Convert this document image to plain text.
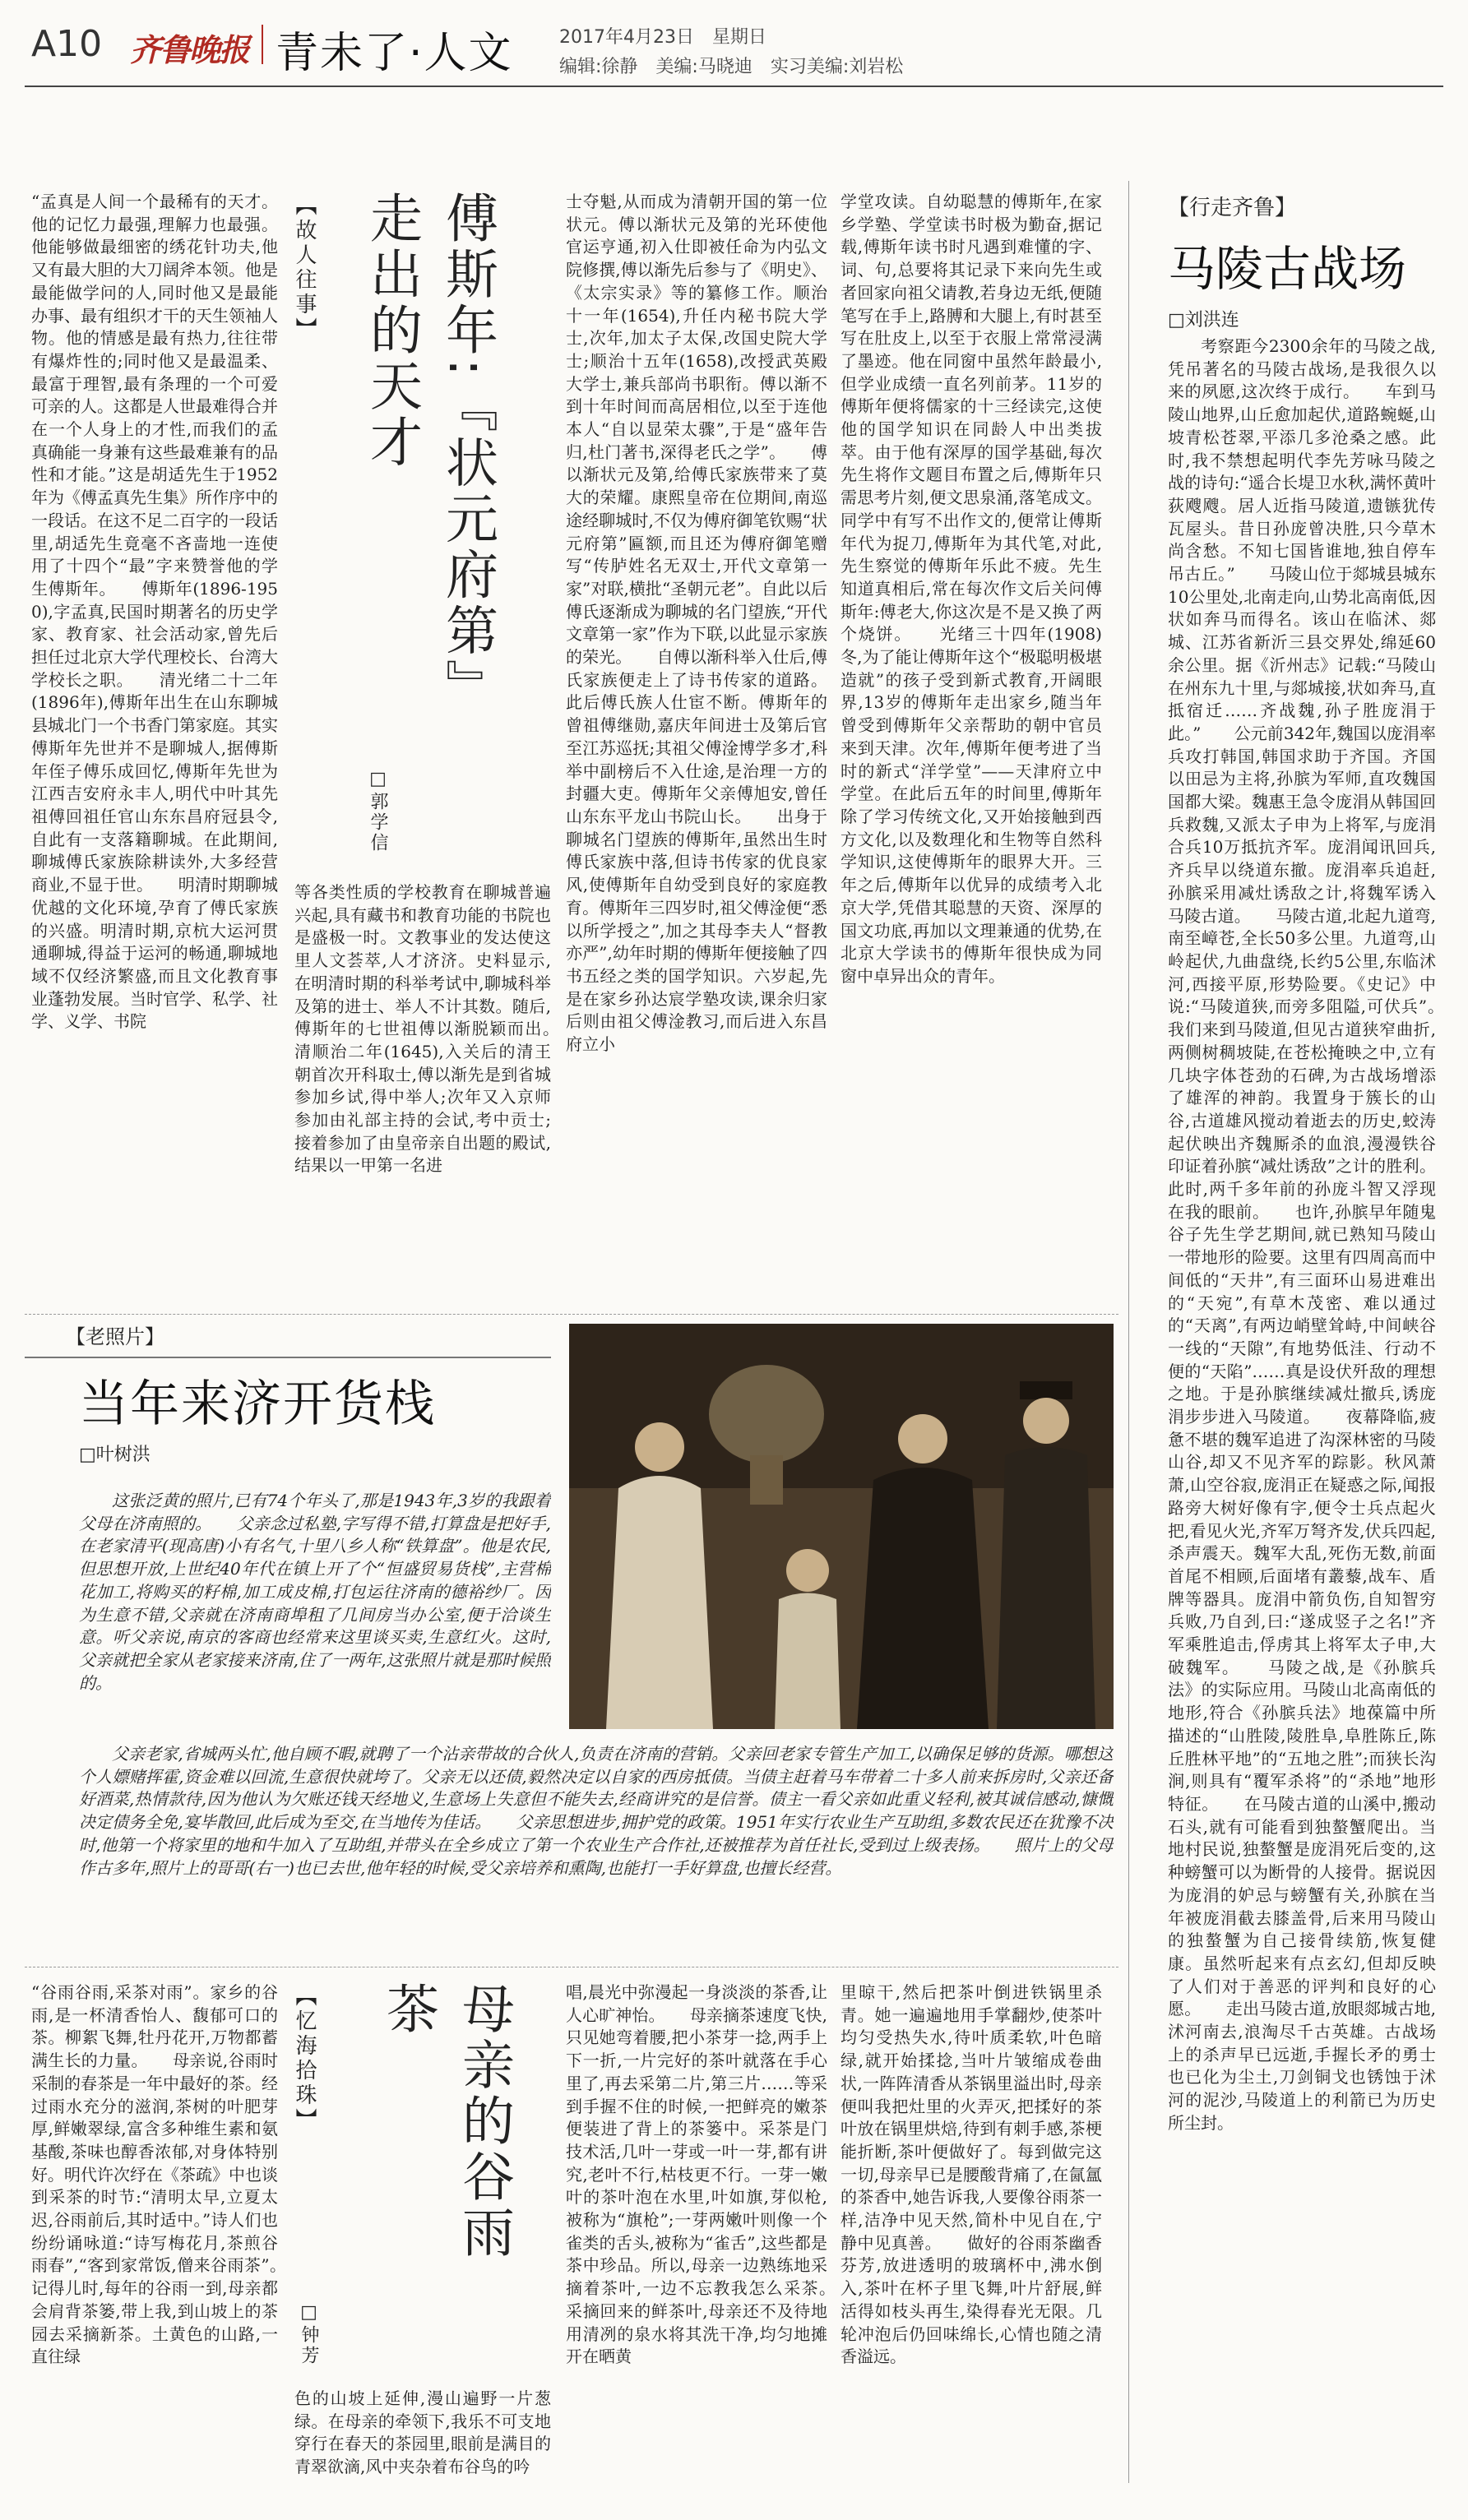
A10 齐鲁晚报 青未了·人文	2017年4月23日　星期日
编辑:徐静　美编:马晓迪　实习美编:刘岩松
“孟真是人间一个最稀有的天才。他的记忆力最强,理解力也最强。他能够做最细密的绣花针功夫,他又有最大胆的大刀阔斧本领。他是最能做学问的人,同时他又是最能办事、最有组织才干的天生领袖人物。他的情感是最有热力,往往带有爆炸性的;同时他又是最温柔、最富于理智,最有条理的一个可爱可亲的人。这都是人世最难得合并在一个人身上的才性,而我们的孟真确能一身兼有这些最难兼有的品性和才能。”这是胡适先生于1952年为《傅孟真先生集》所作序中的一段话。在这不足二百字的一段话里,胡适先生竟毫不吝啬地一连使用了十四个“最”字来赞誉他的学生傅斯年。　　傅斯年(1896-1950),字孟真,民国时期著名的历史学家、教育家、社会活动家,曾先后担任过北京大学代理校长、台湾大学校长之职。　　清光绪二十二年(1896年),傅斯年出生在山东聊城县城北门一个书香门第家庭。其实傅斯年先世并不是聊城人,据傅斯年侄子傅乐成回忆,傅斯年先世为江西吉安府永丰人,明代中叶其先祖傅回祖任官山东东昌府冠县令,自此有一支落籍聊城。在此期间,聊城傅氏家族除耕读外,大多经营商业,不显于世。　　明清时期聊城优越的文化环境,孕育了傅氏家族的兴盛。明清时期,京杭大运河贯通聊城,得益于运河的畅通,聊城地域不仅经济繁盛,而且文化教育事业蓬勃发展。当时官学、私学、社学、义学、书院
【故人往事】	傅斯年:『状元府第』走出的天才
□郭学信
等各类性质的学校教育在聊城普遍兴起,具有藏书和教育功能的书院也是盛极一时。文教事业的发达使这里人文荟萃,人才济济。史料显示,在明清时期的科举考试中,聊城科举及第的进士、举人不计其数。随后,傅斯年的七世祖傅以渐脱颖而出。　　清顺治二年(1645),入关后的清王朝首次开科取士,傅以渐先是到省城参加乡试,得中举人;次年又入京师参加由礼部主持的会试,考中贡士;接着参加了由皇帝亲自出题的殿试,结果以一甲第一名进
士夺魁,从而成为清朝开国的第一位状元。傅以渐状元及第的光环使他官运亨通,初入仕即被任命为内弘文院修撰,傅以渐先后参与了《明史》、《太宗实录》等的纂修工作。顺治十一年(1654),升任内秘书院大学士,次年,加太子太保,改国史院大学士;顺治十五年(1658),改授武英殿大学士,兼兵部尚书职衔。傅以渐不到十年时间而高居相位,以至于连他本人“自以显荣太骤”,于是“盛年告归,杜门著书,深得老氏之学”。　　傅以渐状元及第,给傅氏家族带来了莫大的荣耀。康熙皇帝在位期间,南巡途经聊城时,不仅为傅府御笔钦赐“状元府第”匾额,而且还为傅府御笔赠写“传胪姓名无双士,开代文章第一家”对联,横批“圣朝元老”。自此以后傅氏逐渐成为聊城的名门望族,“开代文章第一家”作为下联,以此显示家族的荣光。　　自傅以渐科举入仕后,傅氏家族便走上了诗书传家的道路。此后傅氏族人仕宦不断。傅斯年的曾祖傅继勋,嘉庆年间进士及第后官至江苏巡抚;其祖父傅淦博学多才,科举中副榜后不入仕途,是治理一方的封疆大吏。傅斯年父亲傅旭安,曾任山东东平龙山书院山长。　　出身于聊城名门望族的傅斯年,虽然出生时傅氏家族中落,但诗书传家的优良家风,使傅斯年自幼受到良好的家庭教育。傅斯年三四岁时,祖父傅淦便“悉以所学授之”,加之其母李夫人“督教亦严”,幼年时期的傅斯年便接触了四书五经之类的国学知识。六岁起,先是在家乡孙达宸学塾攻读,课余归家后则由祖父傅淦教习,而后进入东昌府立小
学堂攻读。自幼聪慧的傅斯年,在家乡学塾、学堂读书时极为勤奋,据记载,傅斯年读书时凡遇到难懂的字、词、句,总要将其记录下来向先生或者回家向祖父请教,若身边无纸,便随笔写在手上,路膊和大腿上,有时甚至写在肚皮上,以至于衣服上常常浸满了墨迹。他在同窗中虽然年龄最小,但学业成绩一直名列前茅。11岁的傅斯年便将儒家的十三经读完,这使他的国学知识在同龄人中出类拔萃。由于他有深厚的国学基础,每次先生将作文题目布置之后,傅斯年只需思考片刻,便文思泉涌,落笔成文。同学中有写不出作文的,便常让傅斯年代为捉刀,傅斯年为其代笔,对此,先生察觉的傅斯年乐此不疲。先生知道真相后,常在每次作文后关问傅斯年:傅老大,你这次是不是又换了两个烧饼。　　光绪三十四年(1908)冬,为了能让傅斯年这个“极聪明极堪造就”的孩子受到新式教育,开阔眼界,13岁的傅斯年走出家乡,随当年曾受到傅斯年父亲帮助的朝中官员来到天津。次年,傅斯年便考进了当时的新式“洋学堂”——天津府立中学堂。在此后五年的时间里,傅斯年除了学习传统文化,又开始接触到西方文化,以及数理化和生物等自然科学知识,这使傅斯年的眼界大开。三年之后,傅斯年以优异的成绩考入北京大学,凭借其聪慧的天资、深厚的国文功底,再加以文理兼通的优势,在北京大学读书的傅斯年很快成为同窗中卓异出众的青年。
【行走齐鲁】
马陵古战场
□刘洪连
考察距今2300余年的马陵之战,凭吊著名的马陵古战场,是我很久以来的夙愿,这次终于成行。　　车到马陵山地界,山丘愈加起伏,道路蜿蜒,山坡青松苍翠,平添几多沧桑之感。此时,我不禁想起明代李先芳咏马陵之战的诗句:“遥合长堤卫水秋,满怀黄叶荻飕飕。居人近指马陵道,遗镞犹传瓦屋头。昔日孙庞曾决胜,只今草木尚含愁。不知七国皆谁地,独自停车吊古丘。”　　马陵山位于郯城县城东10公里处,北南走向,山势北高南低,因状如奔马而得名。该山在临沭、郯城、江苏省新沂三县交界处,绵延60余公里。据《沂州志》记载:“马陵山在州东九十里,与郯城接,状如奔马,直抵宿迁……齐战魏,孙子胜庞涓于此。”　　公元前342年,魏国以庞涓率兵攻打韩国,韩国求助于齐国。齐国以田忌为主将,孙膑为军师,直攻魏国国都大梁。魏惠王急令庞涓从韩国回兵救魏,又派太子申为上将军,与庞涓合兵10万抵抗齐军。庞涓闻讯回兵,齐兵早以绕道东撤。庞涓率兵追赶,孙膑采用减灶诱敌之计,将魏军诱入马陵古道。　　马陵古道,北起九道弯,南至嶂苍,全长50多公里。九道弯,山岭起伏,九曲盘绕,长约5公里,东临沭河,西接平原,形势险要。《史记》中说:“马陵道狭,而旁多阻隘,可伏兵”。　　我们来到马陵道,但见古道狭窄曲折,两侧树稠坡陡,在苍松掩映之中,立有几块字体苍劲的石碑,为古战场增添了雄浑的神韵。我置身于簇长的山谷,古道雄风搅动着逝去的历史,蛟涛起伏映出齐魏厮杀的血浪,漫漫铁谷印证着孙膑“减灶诱敌”之计的胜利。此时,两千多年前的孙庞斗智又浮现在我的眼前。　　也许,孙膑早年随鬼谷子先生学艺期间,就已熟知马陵山一带地形的险要。这里有四周高而中间低的“天井”,有三面环山易进难出的“天宛”,有草木茂密、难以通过的“天离”,有两边峭壁耸峙,中间峡谷一线的“天隙”,有地势低洼、行动不便的“天陷”……真是设伏歼敌的理想之地。于是孙膑继续减灶撤兵,诱庞涓步步进入马陵道。　　夜幕降临,疲惫不堪的魏军追进了沟深林密的马陵山谷,却又不见齐军的踪影。秋风萧萧,山空谷寂,庞涓正在疑惑之际,闻报路旁大树好像有字,便令士兵点起火把,看见火光,齐军万弩齐发,伏兵四起,杀声震天。魏军大乱,死伤无数,前面首尾不相顾,后面堵有叢藜,战车、盾牌等器具。庞涓中箭负伤,自知智穷兵败,乃自刭,曰:“遂成竖子之名!”齐军乘胜追击,俘虏其上将军太子申,大破魏军。　　马陵之战,是《孙膑兵法》的实际应用。马陵山北高南低的地形,符合《孙膑兵法》地葆篇中所描述的“山胜陵,陵胜阜,阜胜陈丘,陈丘胜林平地”的“五地之胜”;而狭长沟涧,则具有“覆军杀将”的“杀地”地形特征。　　在马陵古道的山溪中,搬动石头,就有可能看到独螯蟹爬出。当地村民说,独螯蟹是庞涓死后变的,这种螃蟹可以为断骨的人接骨。据说因为庞涓的妒忌与螃蟹有关,孙膑在当年被庞涓截去膝盖骨,后来用马陵山的独螯蟹为自己接骨续筋,恢复健康。虽然听起来有点玄幻,但却反映了人们对于善恶的评判和良好的心愿。　　走出马陵古道,放眼郯城古地,沭河南去,浪淘尽千古英雄。古战场上的杀声早已远逝,手握长矛的勇士也已化为尘土,刀剑铜戈也锈蚀于沭河的泥沙,马陵道上的利箭已为历史所尘封。
【老照片】
当年来济开货栈
□叶树洪
这张泛黄的照片,已有74个年头了,那是1943年,3岁的我跟着父母在济南照的。　　父亲念过私塾,字写得不错,打算盘是把好手,在老家清平(现高唐)小有名气,十里八乡人称“铁算盘”。他是农民,但思想开放,上世纪40年代在镇上开了个“恒盛贸易货栈”,主营棉花加工,将购买的籽棉,加工成皮棉,打包运往济南的德裕纱厂。因为生意不错,父亲就在济南商埠租了几间房当办公室,便于洽谈生意。听父亲说,南京的客商也经常来这里谈买卖,生意红火。这时,父亲就把全家从老家接来济南,住了一两年,这张照片就是那时候照的。
父亲老家,省城两头忙,他自顾不暇,就聘了一个沾亲带故的合伙人,负责在济南的营销。父亲回老家专管生产加工,以确保足够的货源。哪想这个人嫖赌挥霍,资金难以回流,生意很快就垮了。父亲无以还债,毅然决定以自家的西房抵债。当债主赶着马车带着二十多人前来拆房时,父亲还备好酒菜,热情款待,因为他认为欠账还钱天经地义,生意场上失意但不能失去,经商讲究的是信誉。债主一看父亲如此重义轻利,被其诚信感动,慷慨决定债务全免,宴毕散回,此后成为至交,在当地传为佳话。　　父亲思想进步,拥护党的政策。1951年实行农业生产互助组,多数农民还在犹豫不决时,他第一个将家里的地和牛加入了互助组,并带头在全乡成立了第一个农业生产合作社,还被推荐为首任社长,受到过上级表扬。　　照片上的父母作古多年,照片上的哥哥(右一)也已去世,他年轻的时候,受父亲培养和熏陶,也能打一手好算盘,也擅长经营。
“谷雨谷雨,采茶对雨”。家乡的谷雨,是一杯清香怡人、馥郁可口的茶。柳絮飞舞,牡丹花开,万物都蓄满生长的力量。　　母亲说,谷雨时采制的春茶是一年中最好的茶。经过雨水充分的滋润,茶树的叶肥芽厚,鲜嫩翠绿,富含多种维生素和氨基酸,茶味也醇香浓郁,对身体特别好。明代许次纾在《茶疏》中也谈到采茶的时节:“清明太早,立夏太迟,谷雨前后,其时适中。”诗人们也纷纷诵咏道:“诗写梅花月,茶煎谷雨春”,“客到家常饭,僧来谷雨茶”。　　记得儿时,每年的谷雨一到,母亲都会肩背茶篓,带上我,到山坡上的茶园去采摘新茶。土黄色的山路,一直往绿
【忆海拾珠】	母亲的谷雨茶
□钟芳
色的山坡上延伸,漫山遍野一片葱绿。在母亲的牵领下,我乐不可支地穿行在春天的茶园里,眼前是满目的青翠欲滴,风中夹杂着布谷鸟的吟
唱,晨光中弥漫起一身淡淡的茶香,让人心旷神怡。　　母亲摘茶速度飞快,只见她弯着腰,把小茶芽一捻,两手上下一折,一片完好的茶叶就落在手心里了,再去采第二片,第三片……等采到手握不住的时候,一把鲜亮的嫩茶便装进了背上的茶篓中。采茶是门技术活,几叶一芽或一叶一芽,都有讲究,老叶不行,枯枝更不行。一芽一嫩叶的茶叶泡在水里,叶如旗,芽似枪,被称为“旗枪”;一芽两嫩叶则像一个雀类的舌头,被称为“雀舌”,这些都是茶中珍品。所以,母亲一边熟练地采摘着茶叶,一边不忘教我怎么采茶。　　采摘回来的鲜茶叶,母亲还不及待地用清冽的泉水将其洗干净,均匀地摊开在晒黄
里晾干,然后把茶叶倒进铁锅里杀青。她一遍遍地用手掌翻炒,使茶叶均匀受热失水,待叶质柔软,叶色暗绿,就开始揉捻,当叶片皱缩成卷曲状,一阵阵清香从茶锅里溢出时,母亲便叫我把灶里的火弄灭,把揉好的茶叶放在锅里烘焙,待到有刺手感,茶梗能折断,茶叶便做好了。每到做完这一切,母亲早已是腰酸背痛了,在氤氲的茶香中,她告诉我,人要像谷雨茶一样,洁净中见天然,简朴中见自在,宁静中见真善。　　做好的谷雨茶幽香芬芳,放进透明的玻璃杯中,沸水倒入,茶叶在杯子里飞舞,叶片舒展,鲜活得如枝头再生,染得春光无限。几轮冲泡后仍回味绵长,心情也随之清香溢远。
